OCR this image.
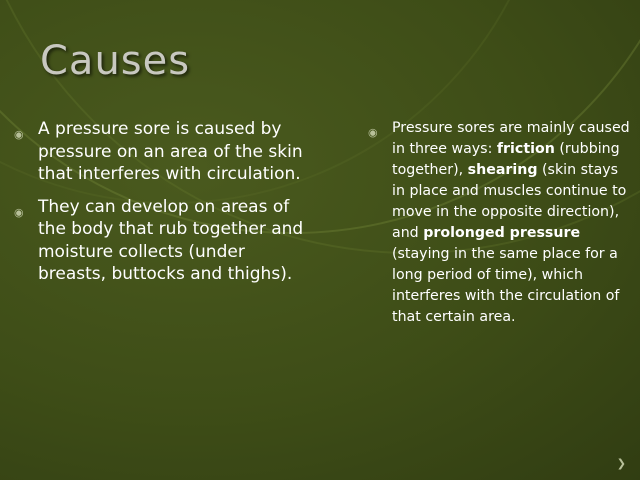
Causes
◉ A pressure sore is caused by pressure on an area of the skin that interferes with circulation.
◉ They can develop on areas of the body that rub together and moisture collects (under breasts, buttocks and thighs).
◉	Pressure sores are mainly caused in three ways: friction (rubbing together), shearing (skin stays in place and muscles continue to move in the opposite direction), and prolonged pressure (staying in the same place for a long period of time), which interferes with the circulation of that certain area.
❯
